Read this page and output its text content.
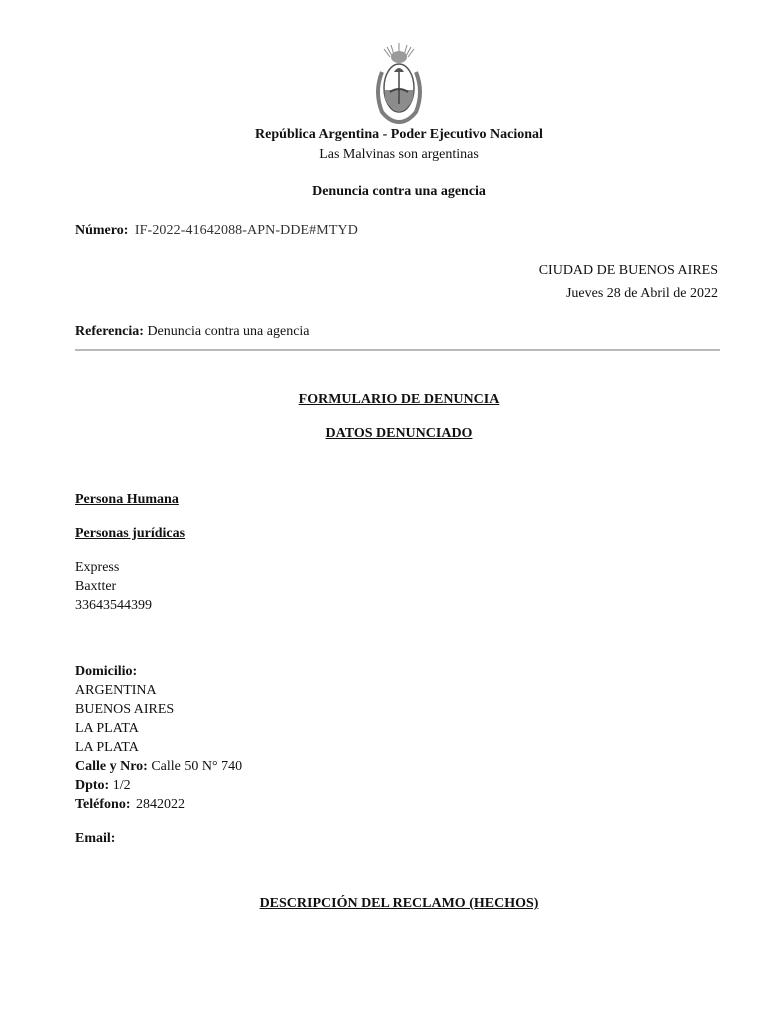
República Argentina - Poder Ejecutivo Nacional
Las Malvinas son argentinas
Denuncia contra una agencia
Número: IF-2022-41642088-APN-DDE#MTYD
CIUDAD DE BUENOS AIRES
Jueves 28 de Abril de 2022
Referencia: Denuncia contra una agencia
FORMULARIO DE DENUNCIA
DATOS DENUNCIADO
Persona Humana
Personas jurídicas
Express
Baxtter
33643544399
Domicilio:
ARGENTINA
BUENOS AIRES
LA PLATA
LA PLATA
Calle y Nro: Calle 50 N° 740
Dpto: 1/2
Teléfono: 2842022
Email:
DESCRIPCIÓN DEL RECLAMO (HECHOS)
